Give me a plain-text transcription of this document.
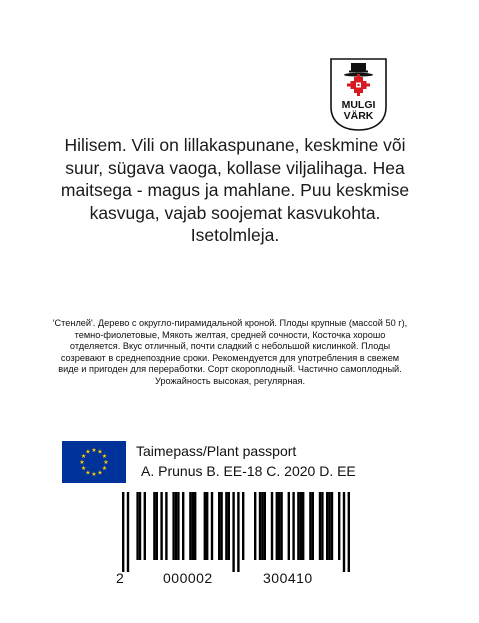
MULGI
VÄRK
Hilisem. Vili on lillakaspunane, keskmine või suur, sügava vaoga, kollase viljalihaga. Hea maitsega - magus ja mahlane. Puu keskmise kasvuga, vajab soojemat kasvukohta. Isetolmleja.
'Стенлей'. Дерево с округло-пирамидальной кроной. Плоды крупные (массой 50 г), темно-фиолетовые, Мякоть желтая, средней сочности, Косточка хорошо отделяется. Вкус отличный, почти сладкий с небольшой кислинкой. Плоды созревают в среднепоздние сроки. Рекомендуется для употребления в свежем виде и пригоден для переработки. Сорт скороплодный. Частично самоплодный. Урожайность высокая, регулярная.
★ ★
★
★
★
★
★
★
★
★
★
★	Taimepass/Plant passport
A. Prunus B. EE-18 C. 2020 D. EE
2	000002	300410
